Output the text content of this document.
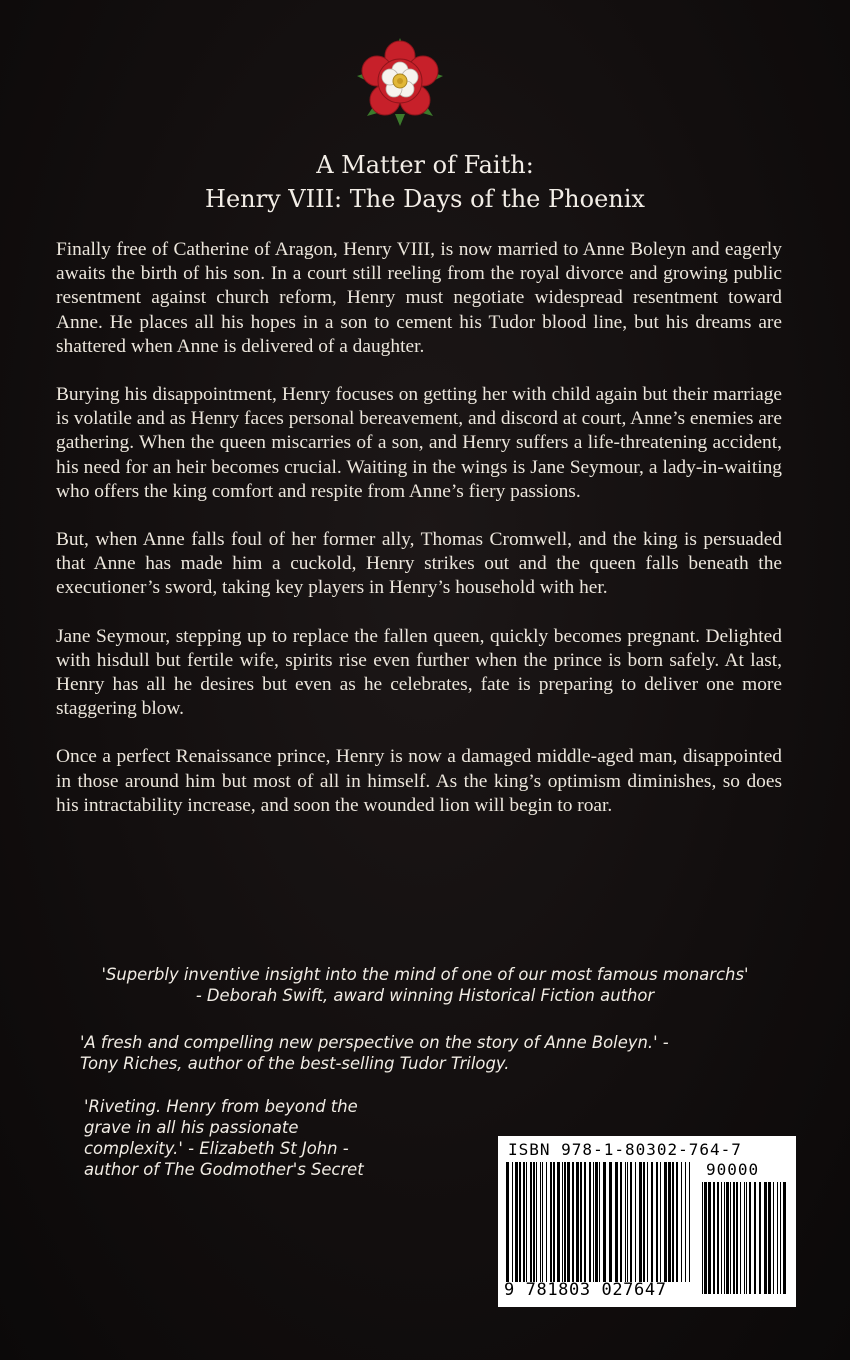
A Matter of Faith:
Henry VIII: The Days of the Phoenix

Finally free of Catherine of Aragon, Henry VIII, is now married to Anne Boleyn and eagerly awaits the birth of his son. In a court still reeling from the royal divorce and growing public resentment against church reform, Henry must negotiate widespread resentment toward Anne. He places all his hopes in a son to cement his Tudor blood line, but his dreams are shattered when Anne is delivered of a daughter.

Burying his disappointment, Henry focuses on getting her with child again but their marriage is volatile and as Henry faces personal bereavement, and discord at court, Anne’s enemies are gathering. When the queen miscarries of a son, and Henry suffers a life-threatening accident, his need for an heir becomes crucial. Waiting in the wings is Jane Seymour, a lady-in-waiting who offers the king comfort and respite from Anne’s fiery passions.

But, when Anne falls foul of her former ally, Thomas Cromwell, and the king is persuaded that Anne has made him a cuckold, Henry strikes out and the queen falls beneath the executioner’s sword, taking key players in Henry’s household with her.

Jane Seymour, stepping up to replace the fallen queen, quickly becomes pregnant. Delighted with hisdull but fertile wife, spirits rise even further when the prince is born safely. At last, Henry has all he desires but even as he celebrates, fate is preparing to deliver one more staggering blow.

Once a perfect Renaissance prince, Henry is now a damaged middle-aged man, disappointed in those around him but most of all in himself. As the king’s optimism diminishes, so does his intractability increase, and soon the wounded lion will begin to roar.

'Superbly inventive insight into the mind of one of our most famous monarchs'
- Deborah Swift, award winning Historical Fiction author
'A fresh and compelling new perspective on the story of Anne Boleyn.' -
Tony Riches, author of the best-selling Tudor Trilogy.
'Riveting. Henry from beyond the
grave in all his passionate
complexity.' - Elizabeth St John -
author of The Godmother's Secret
ISBN 978-1-80302-764-7
90000
9 781803 027647
